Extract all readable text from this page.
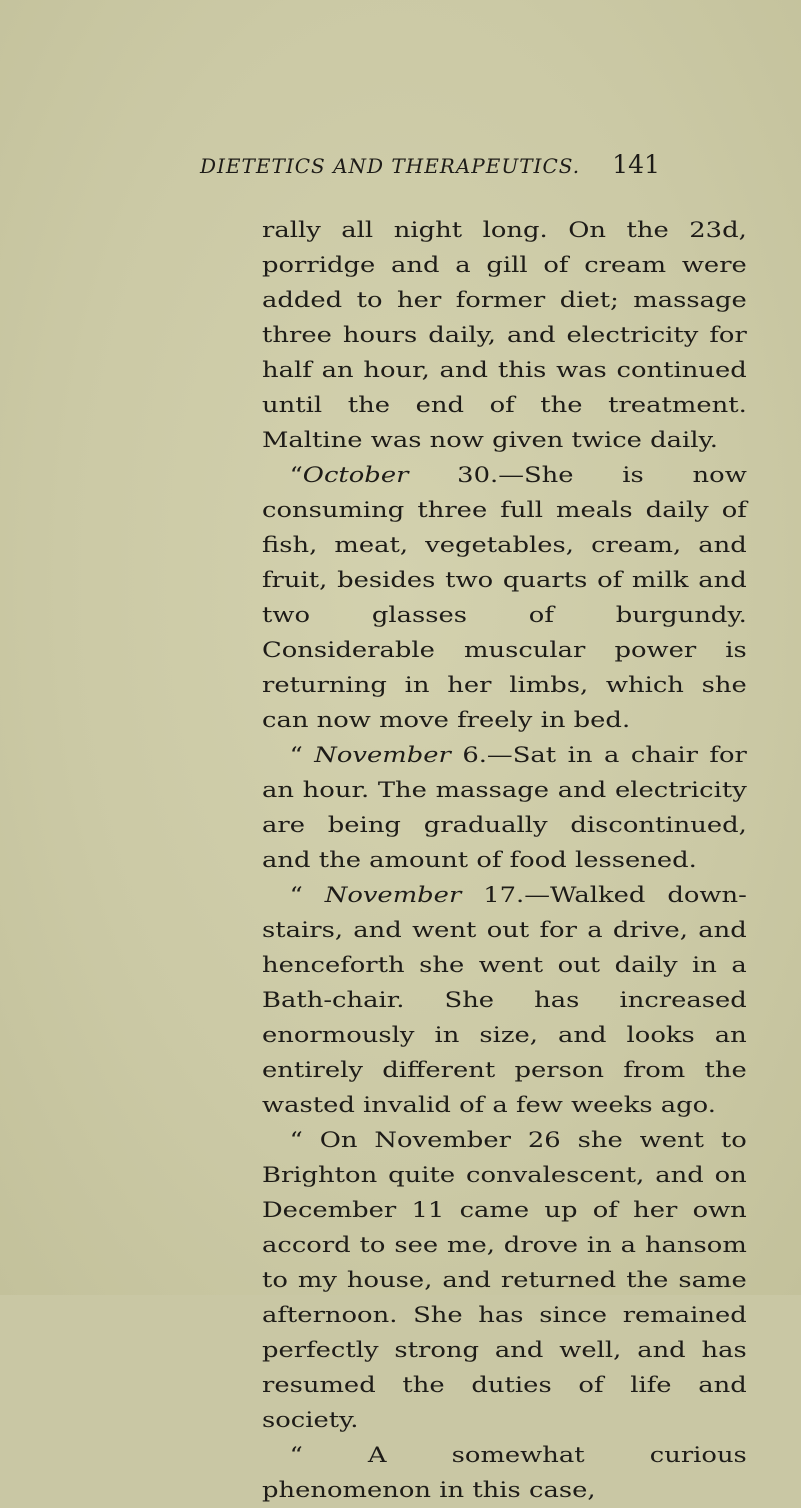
DIETETICS AND THERAPEUTICS. 141

rally all night long. On the 23d, porridge and a gill of cream were added to her former diet; massage three hours daily, and electricity for half an hour, and this was continued until the end of the treatment. Maltine was now given twice daily.

“October 30.—She is now consuming three full meals daily of fish, meat, vegetables, cream, and fruit, besides two quarts of milk and two glasses of burgundy. Considerable muscular power is returning in her limbs, which she can now move freely in bed.

“ November 6.—Sat in a chair for an hour. The massage and electricity are being gradually discontinued, and the amount of food lessened.

“ November 17.—Walked down-stairs, and went out for a drive, and henceforth she went out daily in a Bath-chair. She has increased enormously in size, and looks an entirely different person from the wasted invalid of a few weeks ago.

“ On November 26 she went to Brighton quite convalescent, and on December 11 came up of her own accord to see me, drove in a hansom to my house, and returned the same afternoon. She has since remained perfectly strong and well, and has resumed the duties of life and society.

“ A somewhat curious phenomenon in this case,
